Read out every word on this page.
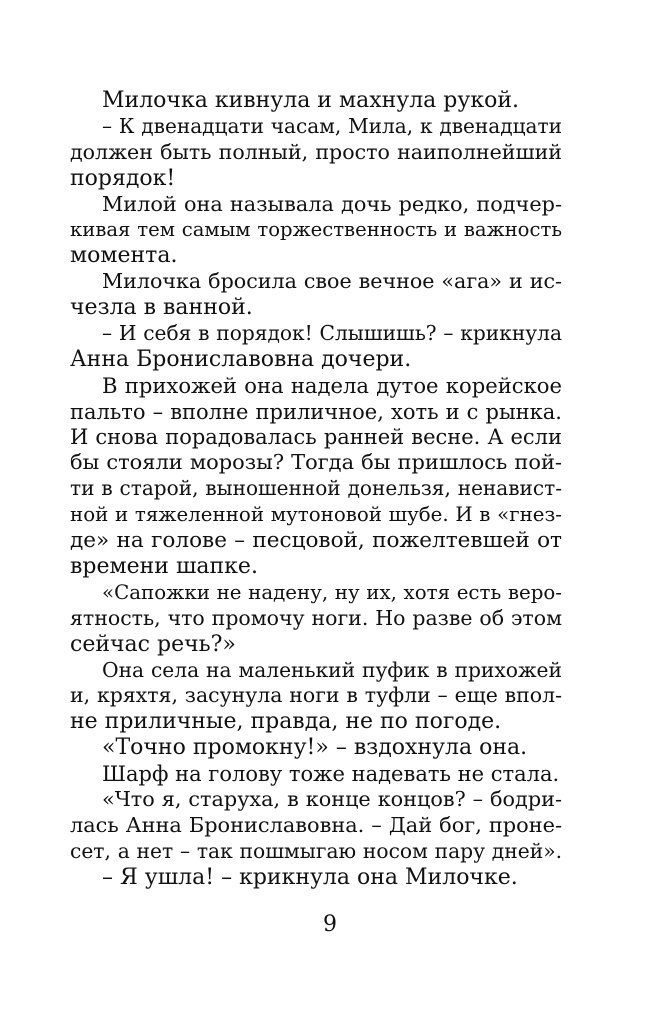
Милочка кивнула и махнула рукой.
– К двенадцати часам, Мила, к двенадцати
должен быть полный, просто наиполнейший
порядок!
Милой она называла дочь редко, подчер-
кивая тем самым торжественность и важность
момента.
Милочка бросила свое вечное «ага» и ис-
чезла в ванной.
– И себя в порядок! Слышишь? – крикнула
Анна Брониславовна дочери.
В прихожей она надела дутое корейское
пальто – вполне приличное, хоть и с рынка.
И снова порадовалась ранней весне. А если
бы стояли морозы? Тогда бы пришлось пой-
ти в старой, выношенной донельзя, ненавист-
ной и тяжеленной мутоновой шубе. И в «гнез-
де» на голове – песцовой, пожелтевшей от
времени шапке.
«Сапожки не надену, ну их, хотя есть веро-
ятность, что промочу ноги. Но разве об этом
сейчас речь?»
Она села на маленький пуфик в прихожей
и, кряхтя, засунула ноги в туфли – еще впол-
не приличные, правда, не по погоде.
«Точно промокну!» – вздохнула она.
Шарф на голову тоже надевать не стала.
«Что я, старуха, в конце концов? – бодри-
лась Анна Брониславовна. – Дай бог, проне-
сет, а нет – так пошмыгаю носом пару дней».
– Я ушла! – крикнула она Милочке.
9
